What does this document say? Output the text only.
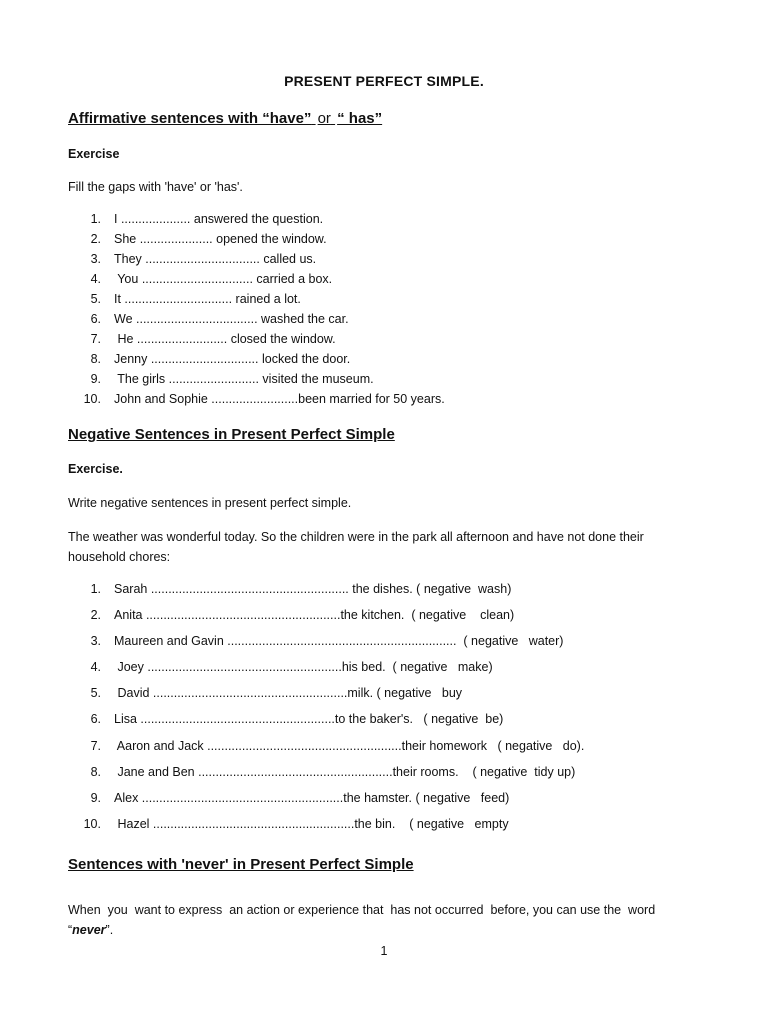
PRESENT PERFECT SIMPLE.
Affirmative sentences with “have” or “ has”
Exercise
Fill the gaps with 'have' or 'has'.
1. I .................... answered the question.
2. She ..................... opened the window.
3. They ................................. called us.
4. You ................................ carried a box.
5. It ............................... rained a lot.
6. We ................................... washed the car.
7. He .......................... closed the window.
8. Jenny ............................... locked the door.
9. The girls .......................... visited the museum.
10. John and Sophie .........................been married for 50 years.
Negative Sentences in Present Perfect Simple
Exercise.
Write negative sentences in present perfect simple.
The weather was wonderful today. So the children were in the park all afternoon and have not done their household chores:
1. Sarah ......................................................... the dishes. ( negative  wash)
2. Anita ........................................................the kitchen.  ( negative    clean)
3. Maureen and Gavin ..................................................................  ( negative   water)
4. Joey ........................................................his bed.  ( negative   make)
5. David ........................................................milk. ( negative   buy
6. Lisa ........................................................to the baker's.   ( negative  be)
7. Aaron and Jack ........................................................their homework   ( negative   do).
8. Jane and Ben ........................................................their rooms.    ( negative  tidy up)
9. Alex ..........................................................the hamster. ( negative   feed)
10. Hazel ..........................................................the bin.    ( negative   empty
Sentences with 'never' in Present Perfect Simple
When  you  want to express  an action or experience that  has not occurred  before, you can use the  word
“never”.
1
